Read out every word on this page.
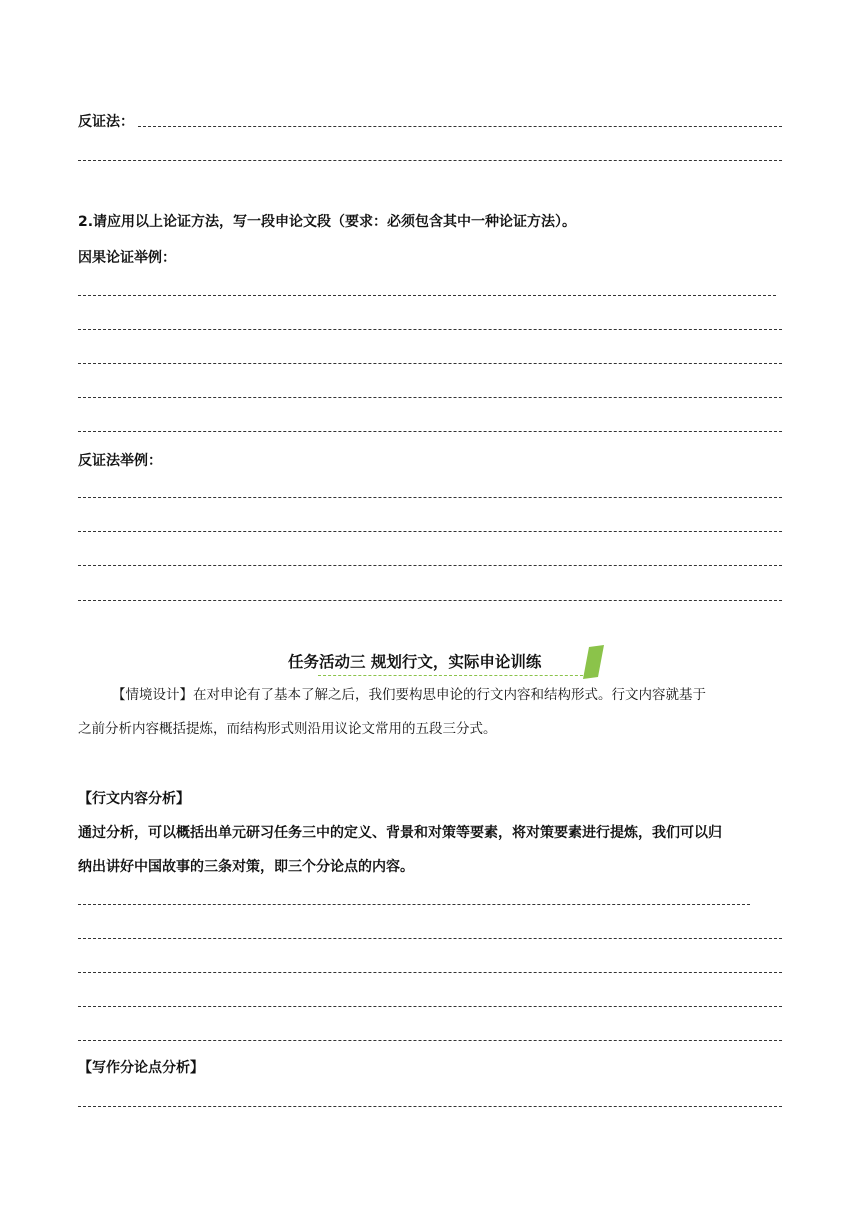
反证法：
2.请应用以上论证方法，写一段申论文段（要求：必须包含其中一种论证方法）。
因果论证举例：
反证法举例：
任务活动三 规划行文，实际申论训练
【情境设计】在对申论有了基本了解之后，我们要构思申论的行文内容和结构形式。行文内容就基于
之前分析内容概括提炼，而结构形式则沿用议论文常用的五段三分式。
【行文内容分析】
通过分析，可以概括出单元研习任务三中的定义、背景和对策等要素，将对策要素进行提炼，我们可以归
纳出讲好中国故事的三条对策，即三个分论点的内容。
【写作分论点分析】
